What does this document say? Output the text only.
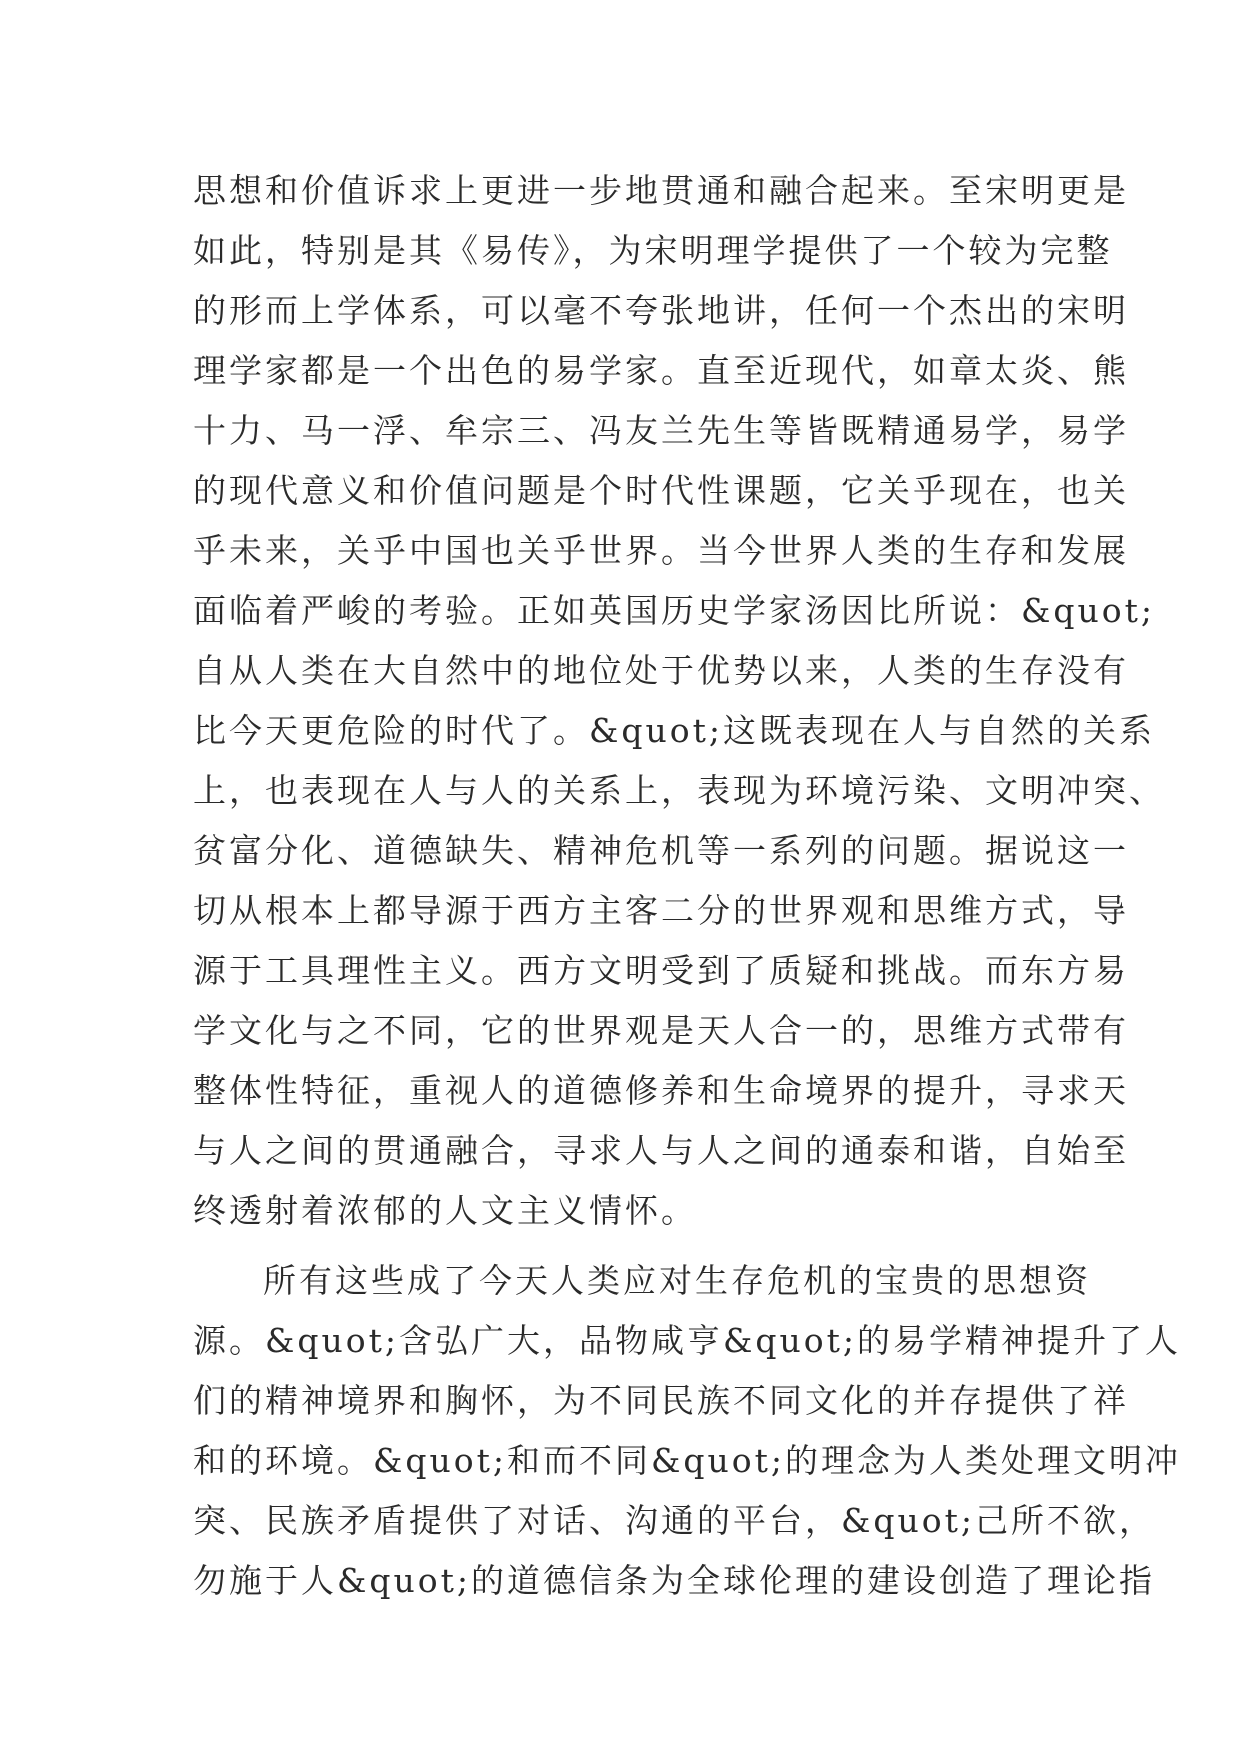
思想和价值诉求上更进一步地贯通和融合起来。至宋明更是
如此，特别是其《易传》，为宋明理学提供了一个较为完整
的形而上学体系，可以毫不夸张地讲，任何一个杰出的宋明
理学家都是一个出色的易学家。直至近现代，如章太炎、熊
十力、马一浮、牟宗三、冯友兰先生等皆既精通易学，易学
的现代意义和价值问题是个时代性课题，它关乎现在，也关
乎未来，关乎中国也关乎世界。当今世界人类的生存和发展
面临着严峻的考验。正如英国历史学家汤因比所说：&quot;
自从人类在大自然中的地位处于优势以来，人类的生存没有
比今天更危险的时代了。&quot;这既表现在人与自然的关系
上，也表现在人与人的关系上，表现为环境污染、文明冲突、
贫富分化、道德缺失、精神危机等一系列的问题。据说这一
切从根本上都导源于西方主客二分的世界观和思维方式，导
源于工具理性主义。西方文明受到了质疑和挑战。而东方易
学文化与之不同，它的世界观是天人合一的，思维方式带有
整体性特征，重视人的道德修养和生命境界的提升，寻求天
与人之间的贯通融合，寻求人与人之间的通泰和谐，自始至
终透射着浓郁的人文主义情怀。
所有这些成了今天人类应对生存危机的宝贵的思想资
源。&quot;含弘广大，品物咸亨&quot;的易学精神提升了人
们的精神境界和胸怀，为不同民族不同文化的并存提供了祥
和的环境。&quot;和而不同&quot;的理念为人类处理文明冲
突、民族矛盾提供了对话、沟通的平台，&quot;己所不欲，
勿施于人&quot;的道德信条为全球伦理的建设创造了理论指
